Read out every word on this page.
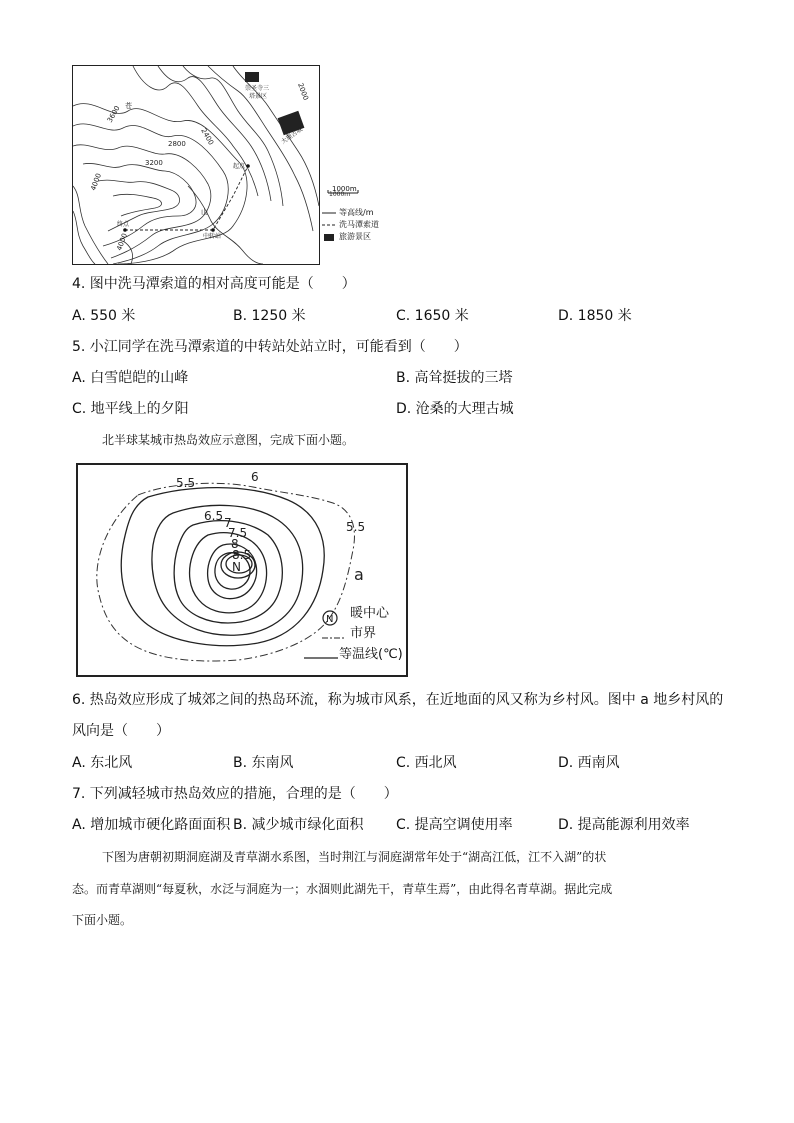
3200
2800 2400
4000
2000
4000
3600
崇圣寺三
塔景区
大理古城
起点
终点
中转站
苍
山
1000m
1000m
等高线/m
洗马潭索道
旅游景区
4. 图中洗马潭索道的相对高度可能是（　　）
A. 550 米	B. 1250 米	C. 1650 米	D. 1850 米
5. 小江同学在洗马潭索道的中转站处站立时，可能看到（　　）
A. 白雪皑皑的山峰	B. 高耸挺拔的三塔
C. 地平线上的夕阳	D. 沧桑的大理古城
北半球某城市热岛效应示意图，完成下面小题。
5.5	6
6.5 7
7.5
8
8.5
5.5
N	a
N 暖中心
市界
等温线(℃)
6. 热岛效应形成了城郊之间的热岛环流，称为城市风系，在近地面的风又称为乡村风。图中 a 地乡村风的
风向是（　　）
A. 东北风	B. 东南风	C. 西北风	D. 西南风
7. 下列减轻城市热岛效应的措施，合理的是（　　）
A. 增加城市硬化路面面积 B. 减少城市绿化面积 C. 提高空调使用率	D. 提高能源利用效率
下图为唐朝初期洞庭湖及青草湖水系图，当时荆江与洞庭湖常年处于“湖高江低，江不入湖”的状
态。而青草湖则“每夏秋，水泛与洞庭为一；水涸则此湖先干，青草生焉”，由此得名青草湖。据此完成
下面小题。
